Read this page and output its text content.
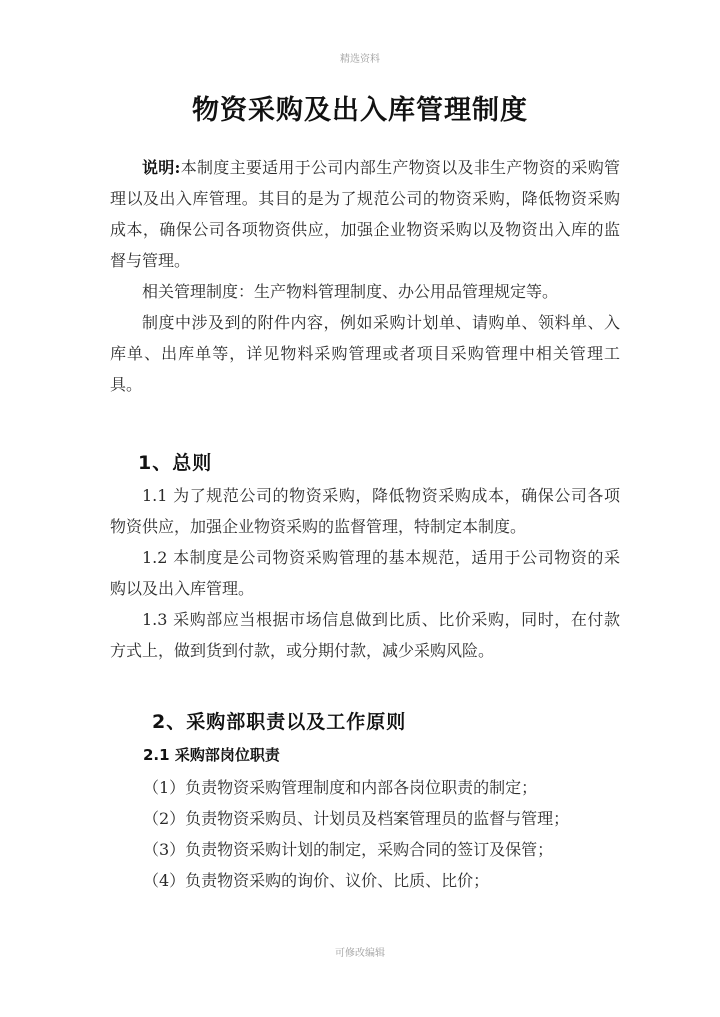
精选资料
物资采购及出入库管理制度

说明:本制度主要适用于公司内部生产物资以及非生产物资的采购管理以及出入库管理。其目的是为了规范公司的物资采购，降低物资采购成本，确保公司各项物资供应，加强企业物资采购以及物资出入库的监督与管理。

相关管理制度：生产物料管理制度、办公用品管理规定等。

制度中涉及到的附件内容，例如采购计划单、请购单、领料单、入库单、出库单等，详见物料采购管理或者项目采购管理中相关管理工具。

1、总则

1.1 为了规范公司的物资采购，降低物资采购成本，确保公司各项物资供应，加强企业物资采购的监督管理，特制定本制度。

1.2 本制度是公司物资采购管理的基本规范，适用于公司物资的采购以及出入库管理。

1.3 采购部应当根据市场信息做到比质、比价采购，同时，在付款方式上，做到货到付款，或分期付款，减少采购风险。

2、采购部职责以及工作原则
2.1 采购部岗位职责
（1）负责物资采购管理制度和内部各岗位职责的制定；
（2）负责物资采购员、计划员及档案管理员的监督与管理；
（3）负责物资采购计划的制定，采购合同的签订及保管；
（4）负责物资采购的询价、议价、比质、比价；
可修改编辑
